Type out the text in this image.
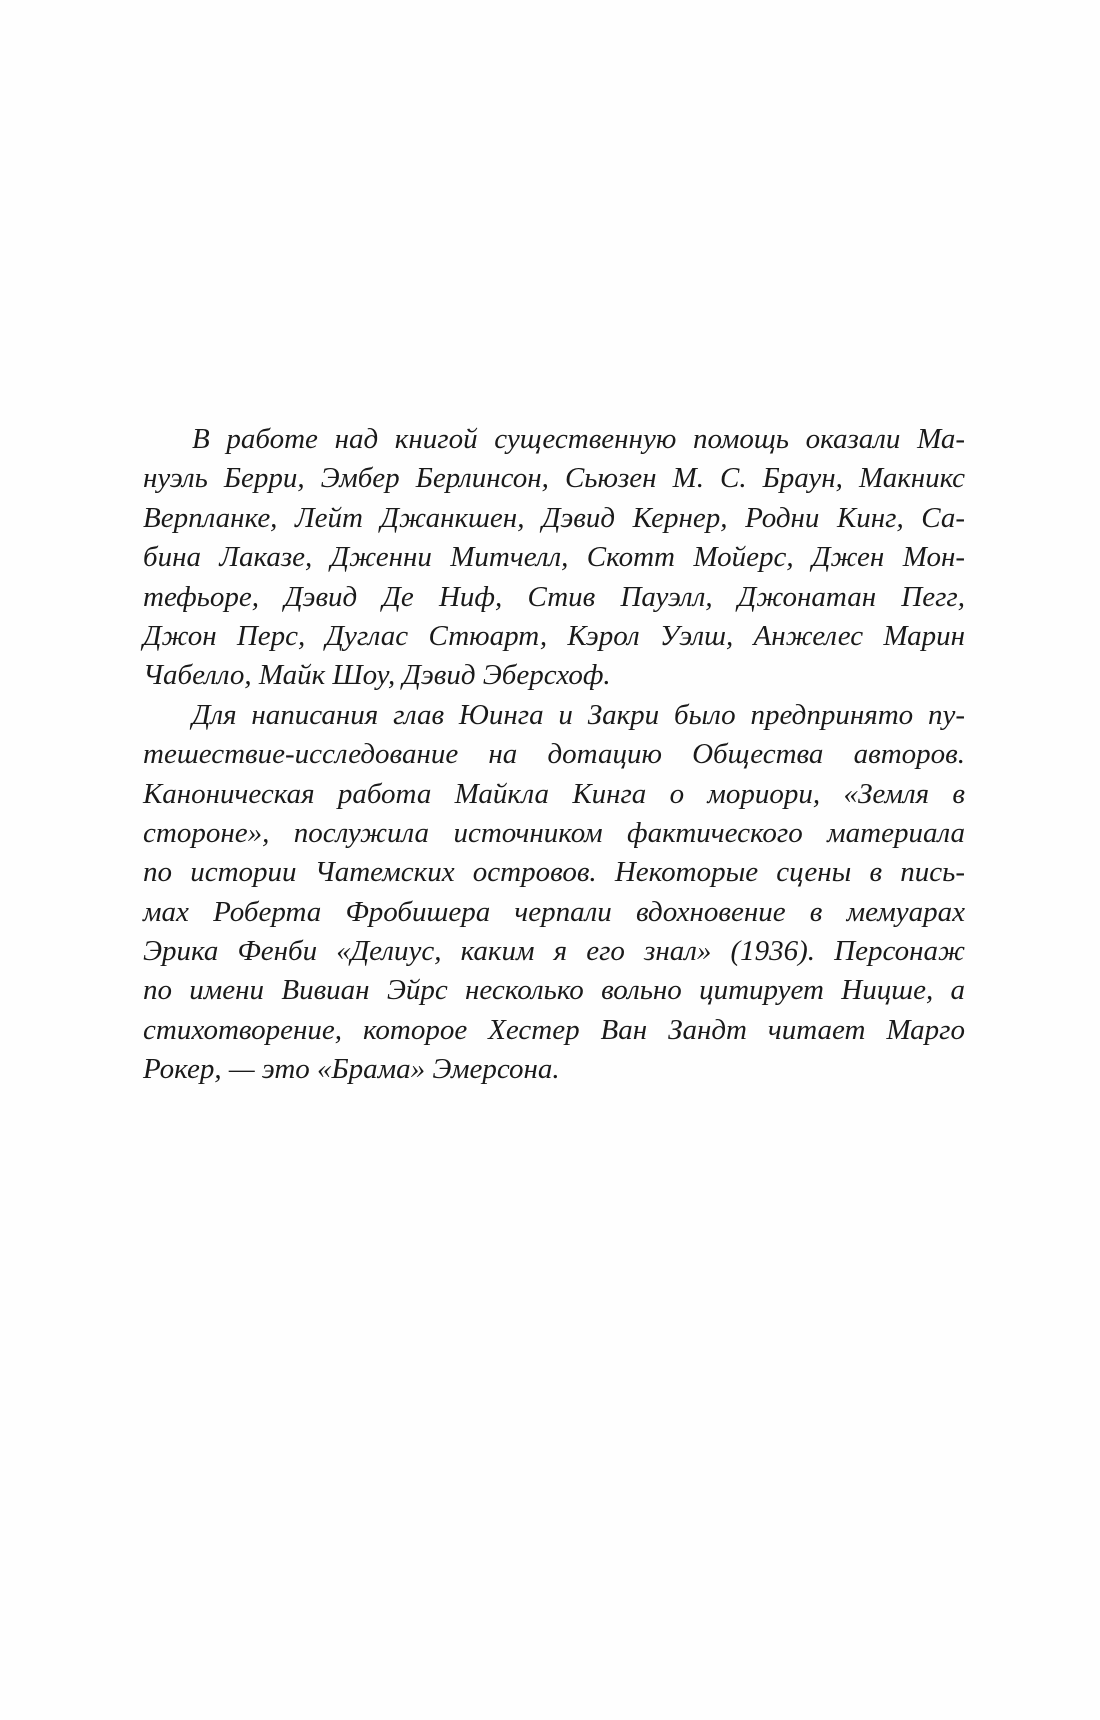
В работе над книгой существенную помощь оказали Ма-
нуэль Берри, Эмбер Берлинсон, Сьюзен М. С. Браун, Макникс
Верпланке, Лейт Джанкшен, Дэвид Кернер, Родни Кинг, Са-
бина Лаказе, Дженни Митчелл, Скотт Мойерс, Джен Мон-
тефьоре, Дэвид Де Ниф, Стив Пауэлл, Джонатан Пегг,
Джон Перс, Дуглас Стюарт, Кэрол Уэлш, Анжелес Марин
Чабелло, Майк Шоу, Дэвид Эберсхоф.
Для написания глав Юинга и Закри было предпринято пу-
тешествие-исследование на дотацию Общества авторов.
Каноническая работа Майкла Кинга о мориори, «Земля в
стороне», послужила источником фактического материала
по истории Чатемских островов. Некоторые сцены в пись-
мах Роберта Фробишера черпали вдохновение в мемуарах
Эрика Фенби «Делиус, каким я его знал» (1936). Персонаж
по имени Вивиан Эйрс несколько вольно цитирует Ницше, а
стихотворение, которое Хестер Ван Зандт читает Марго
Рокер, — это «Брама» Эмерсона.
